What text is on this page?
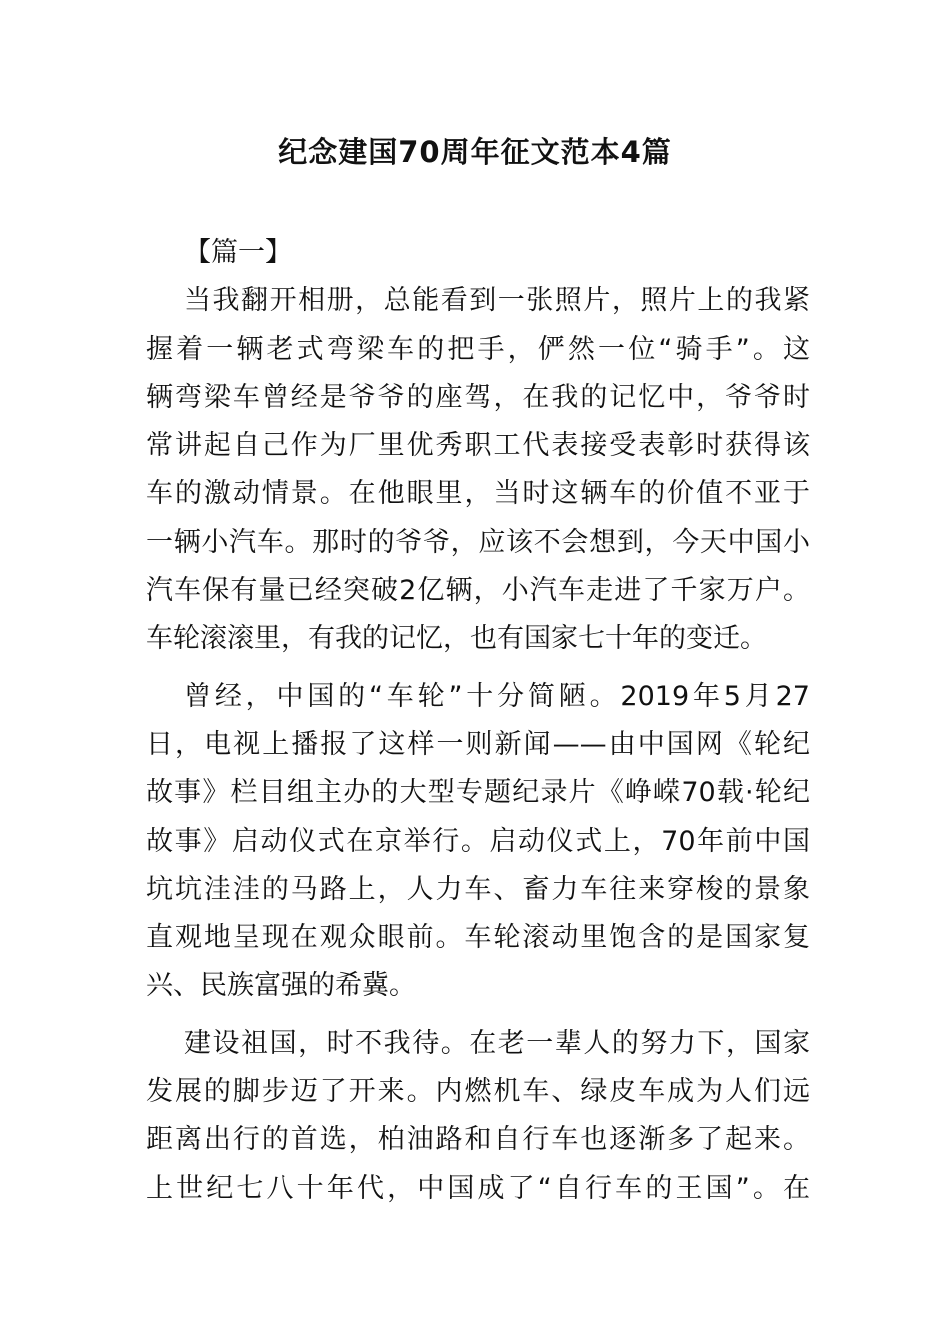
纪念建国70周年征文范本4篇

【篇一】

当我翻开相册，总能看到一张照片，照片上的我紧

握着一辆老式弯梁车的把手，俨然一位“骑手”。这

辆弯梁车曾经是爷爷的座驾，在我的记忆中，爷爷时

常讲起自己作为厂里优秀职工代表接受表彰时获得该

车的激动情景。在他眼里，当时这辆车的价值不亚于

一辆小汽车。那时的爷爷，应该不会想到，今天中国小

汽车保有量已经突破2亿辆，小汽车走进了千家万户。

车轮滚滚里，有我的记忆，也有国家七十年的变迁。

曾经，中国的“车轮”十分简陋。2019年5月27

日，电视上播报了这样一则新闻——由中国网《轮纪

故事》栏目组主办的大型专题纪录片《峥嵘70载·轮纪

故事》启动仪式在京举行。启动仪式上，70年前中国

坑坑洼洼的马路上，人力车、畜力车往来穿梭的景象

直观地呈现在观众眼前。车轮滚动里饱含的是国家复

兴、民族富强的希冀。

建设祖国，时不我待。在老一辈人的努力下，国家

发展的脚步迈了开来。内燃机车、绿皮车成为人们远

距离出行的首选，柏油路和自行车也逐渐多了起来。

上世纪七八十年代，中国成了“自行车的王国”。在
